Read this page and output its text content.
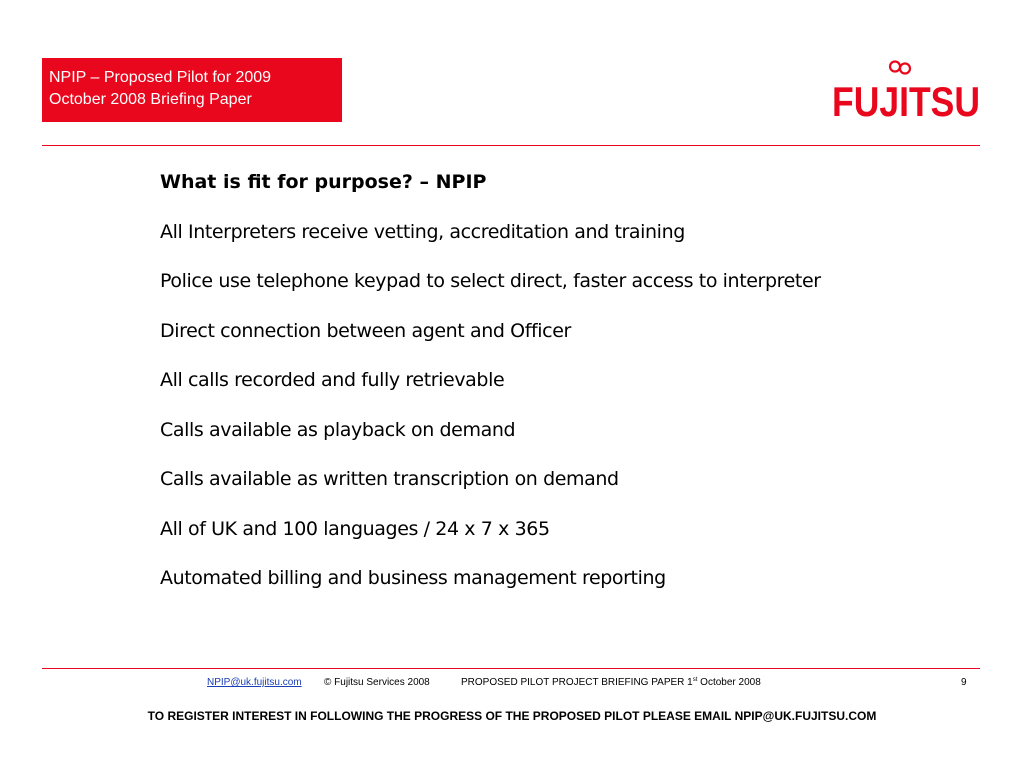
NPIP – Proposed Pilot for 2009
October 2008 Briefing Paper	FUJITSU
What is fit for purpose? – NPIP
All Interpreters receive vetting, accreditation and training
Police use telephone keypad to select direct, faster access to interpreter
Direct connection between agent and Officer
All calls recorded and fully retrievable
Calls available as playback on demand
Calls available as written transcription on demand
All of UK and 100 languages / 24 x 7 x 365
Automated billing and business management reporting
NPIP@uk.fujitsu.com © Fujitsu Services 2008	PROPOSED PILOT PROJECT BRIEFING PAPER 1st October 2008	9
TO REGISTER INTEREST IN FOLLOWING THE PROGRESS OF THE PROPOSED PILOT PLEASE EMAIL NPIP@UK.FUJITSU.COM
